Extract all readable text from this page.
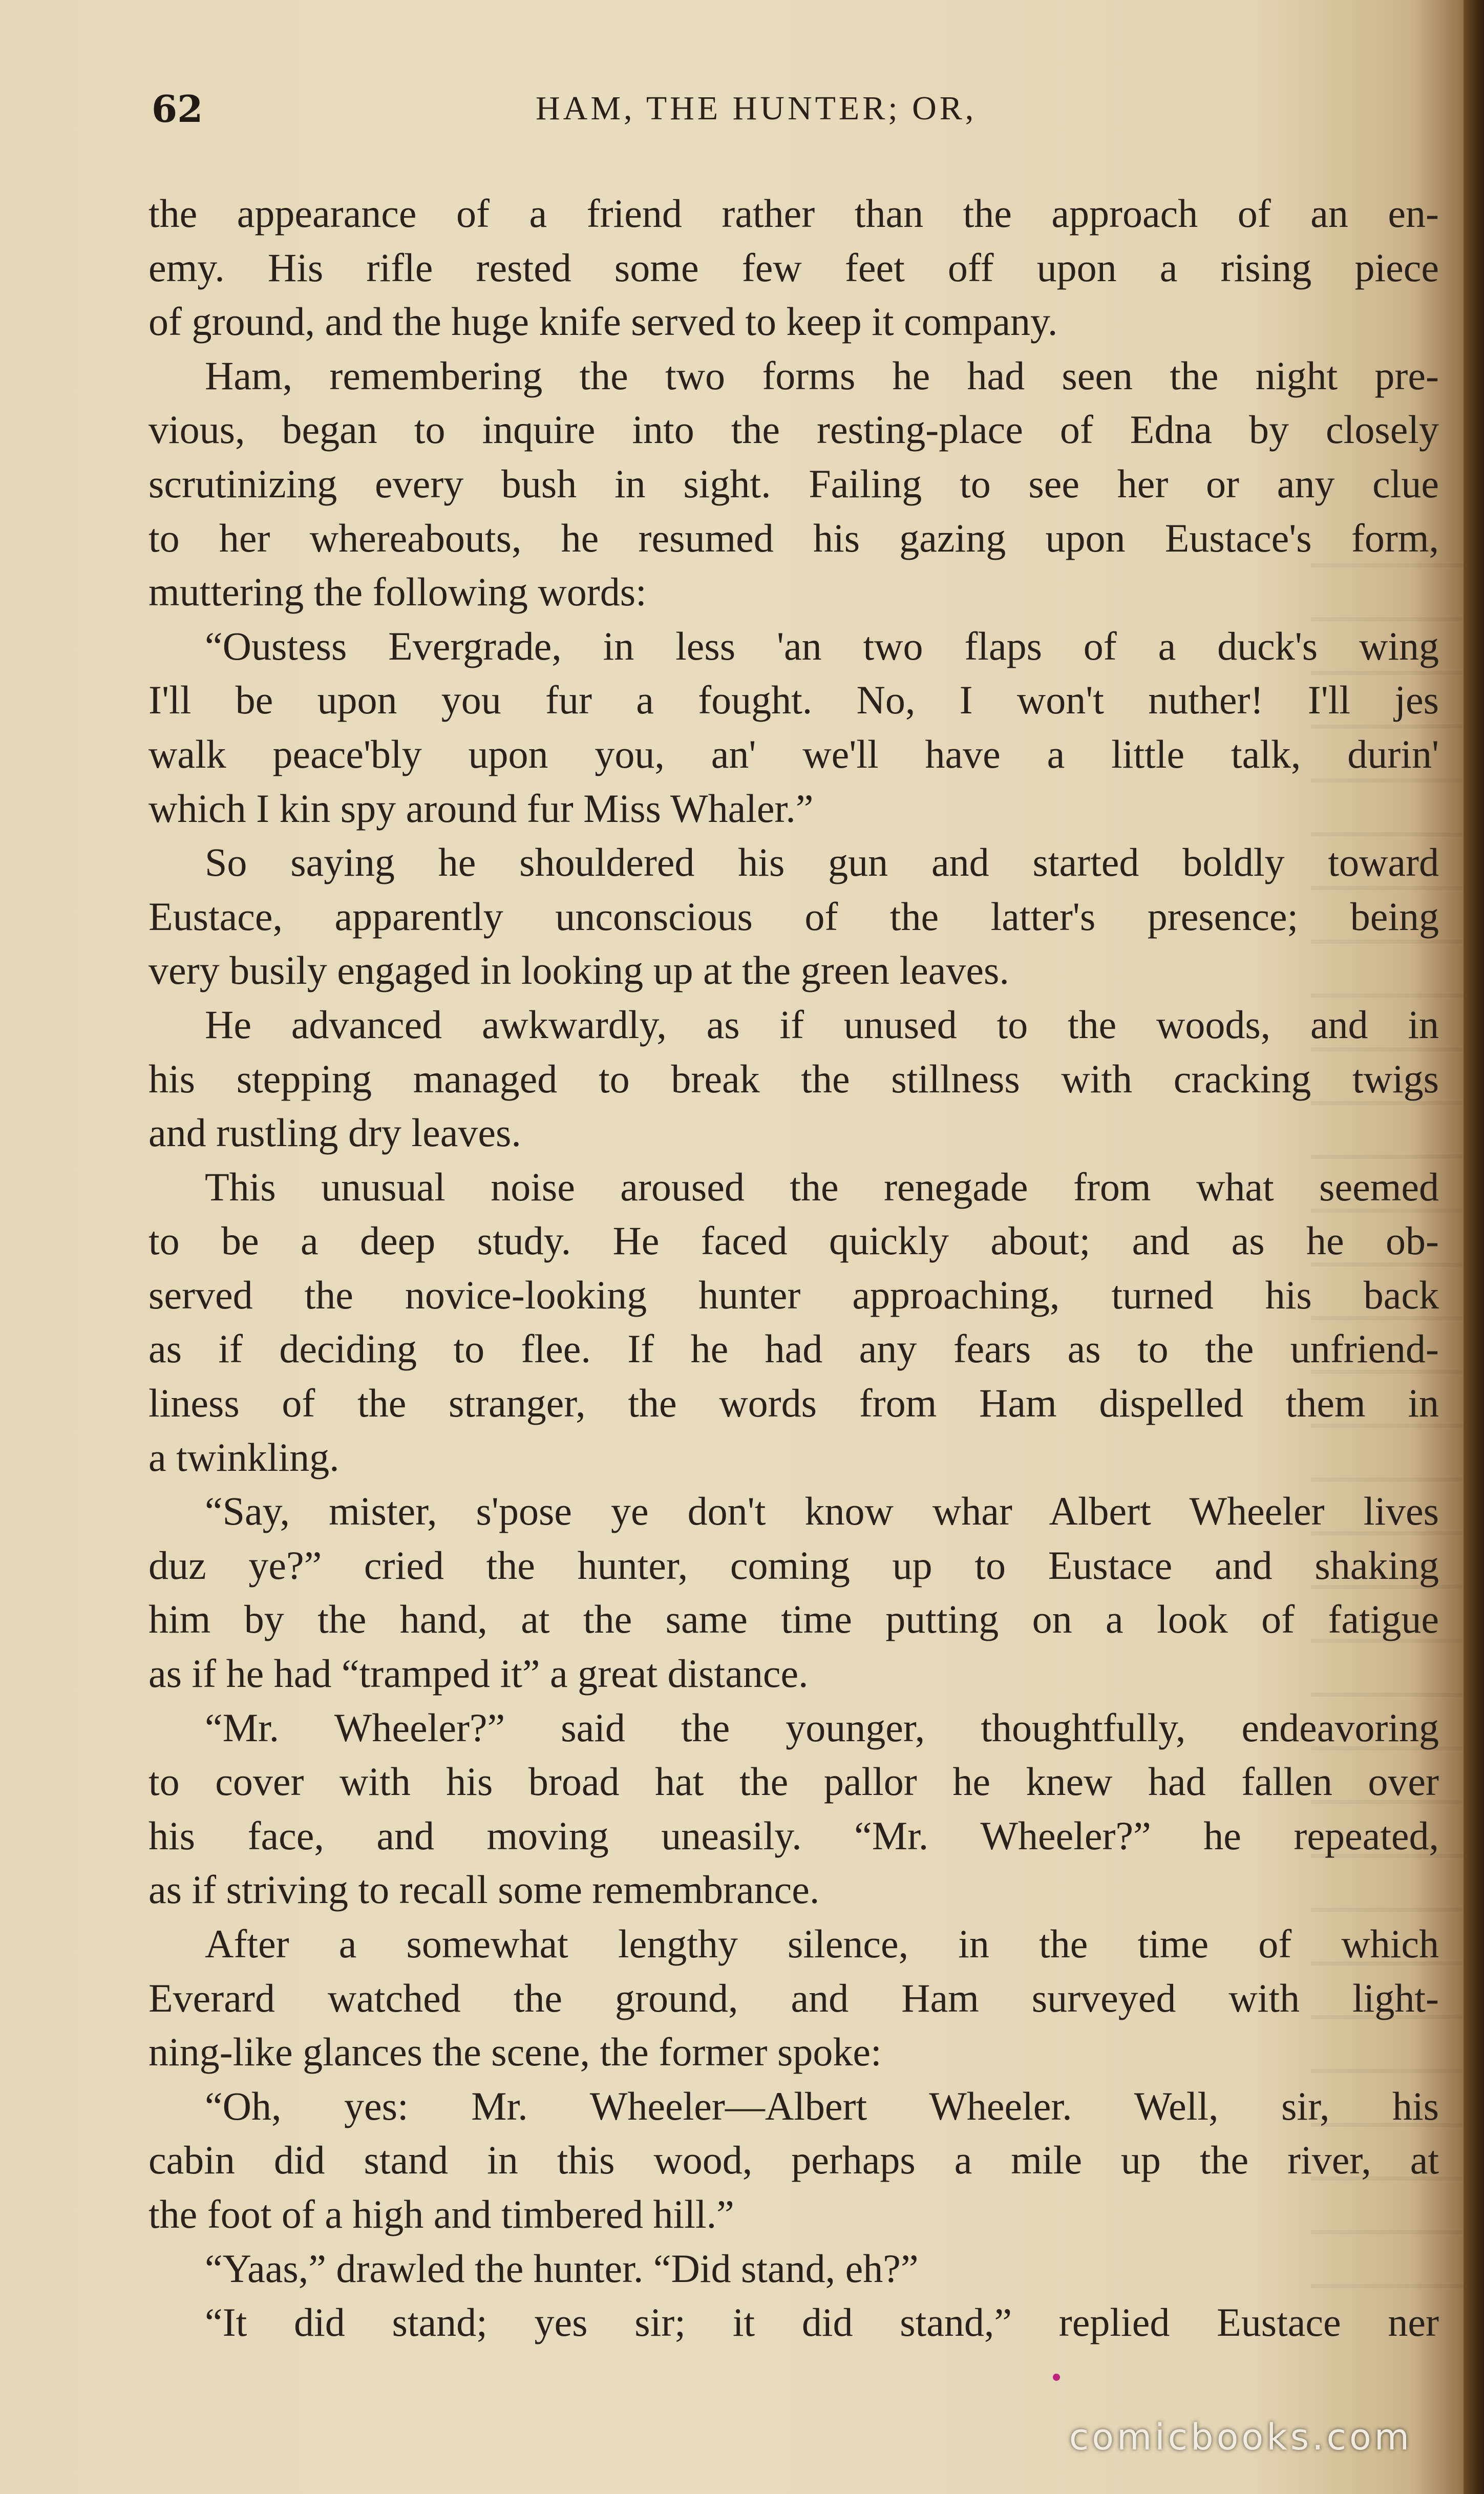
62	HAM, THE HUNTER; OR,
the appearance of a friend rather than the approach of an en-
emy. His rifle rested some few feet off upon a rising piece
of ground, and the huge knife served to keep it company.
Ham, remembering the two forms he had seen the night pre-
vious, began to inquire into the resting-place of Edna by closely
scrutinizing every bush in sight. Failing to see her or any clue
to her whereabouts, he resumed his gazing upon Eustace's form,
muttering the following words:
“Oustess Evergrade, in less 'an two flaps of a duck's wing
I'll be upon you fur a fought. No, I won't nuther! I'll jes
walk peace'bly upon you, an' we'll have a little talk, durin'
which I kin spy around fur Miss Whaler.”
So saying he shouldered his gun and started boldly toward
Eustace, apparently unconscious of the latter's presence; being
very busily engaged in looking up at the green leaves.
He advanced awkwardly, as if unused to the woods, and in
his stepping managed to break the stillness with cracking twigs
and rustling dry leaves.
This unusual noise aroused the renegade from what seemed
to be a deep study. He faced quickly about; and as he ob-
served the novice-looking hunter approaching, turned his back
as if deciding to flee. If he had any fears as to the unfriend-
liness of the stranger, the words from Ham dispelled them in
a twinkling.
“Say, mister, s'pose ye don't know whar Albert Wheeler lives
duz ye?” cried the hunter, coming up to Eustace and shaking
him by the hand, at the same time putting on a look of fatigue
as if he had “tramped it” a great distance.
“Mr. Wheeler?” said the younger, thoughtfully, endeavoring
to cover with his broad hat the pallor he knew had fallen over
his face, and moving uneasily. “Mr. Wheeler?” he repeated,
as if striving to recall some remembrance.
After a somewhat lengthy silence, in the time of which
Everard watched the ground, and Ham surveyed with light-
ning-like glances the scene, the former spoke:
“Oh, yes: Mr. Wheeler—Albert Wheeler. Well, sir, his
cabin did stand in this wood, perhaps a mile up the river, at
the foot of a high and timbered hill.”
“Yaas,” drawled the hunter. “Did stand, eh?”
“It did stand; yes sir; it did stand,” replied Eustace ner
comicbooks.com
